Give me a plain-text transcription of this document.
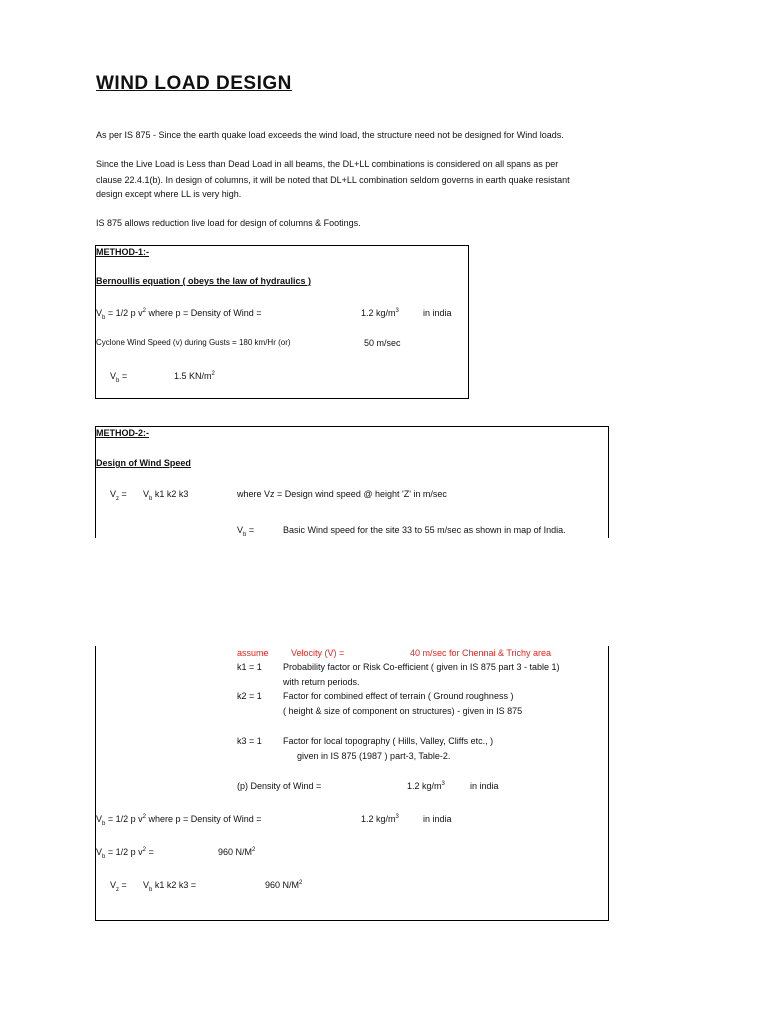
WIND LOAD DESIGN
As per IS 875 - Since the earth quake load exceeds the wind load, the structure need not be designed for Wind loads.
Since the Live Load is Less than Dead Load in all beams, the DL+LL combinations is considered on all spans as per
clause 22.4.1(b). In design of columns, it will be noted that DL+LL combination seldom governs in earth quake resistant
design except where LL is very high.
IS 875 allows reduction live load for design of columns & Footings.
METHOD-1:-
Bernoullis equation ( obeys the law of hydraulics )
$V_b = 1/2$ p $v^2$ where p = Density of Wind =	1.2 $kg/m^3$	in india
Cyclone Wind Speed (v) during Gusts = 180 km/Hr (or)	50 m/sec
$V_b$ =	1.5 $KN/m^2$
METHOD-2:-
Design of Wind Speed
$V_z = V_b$ k1 k2 k3	where Vz = Design wind speed @ height 'Z' in m/sec
$V_b$ =	Basic Wind speed for the site 33 to 55 m/sec as shown in map of India.
assume Velocity (V) =	40 m/sec for Chennai & Trichy area
k1 = 1 Probability factor or Risk Co-efficient ( given in IS 875 part 3 - table 1)
with return periods.
k2 = 1 Factor for combined effect of terrain ( Ground roughness )
( height & size of component on structures) - given in IS 875
k3 = 1 Factor for local topography ( Hills, Valley, Cliffs etc., )
given in IS 875 (1987 ) part-3, Table-2.
(p) Density of Wind =	1.2 $kg/m^3$	in india
$V_b = 1/2$ p $v^2$ where p = Density of Wind =	1.2 $kg/m^3$	in india
$V_b = 1/2$ p $v^2$ =	960 $N/M^2$
$V_z = V_b$ k1 k2 k3 =	960 $N/M^2$
